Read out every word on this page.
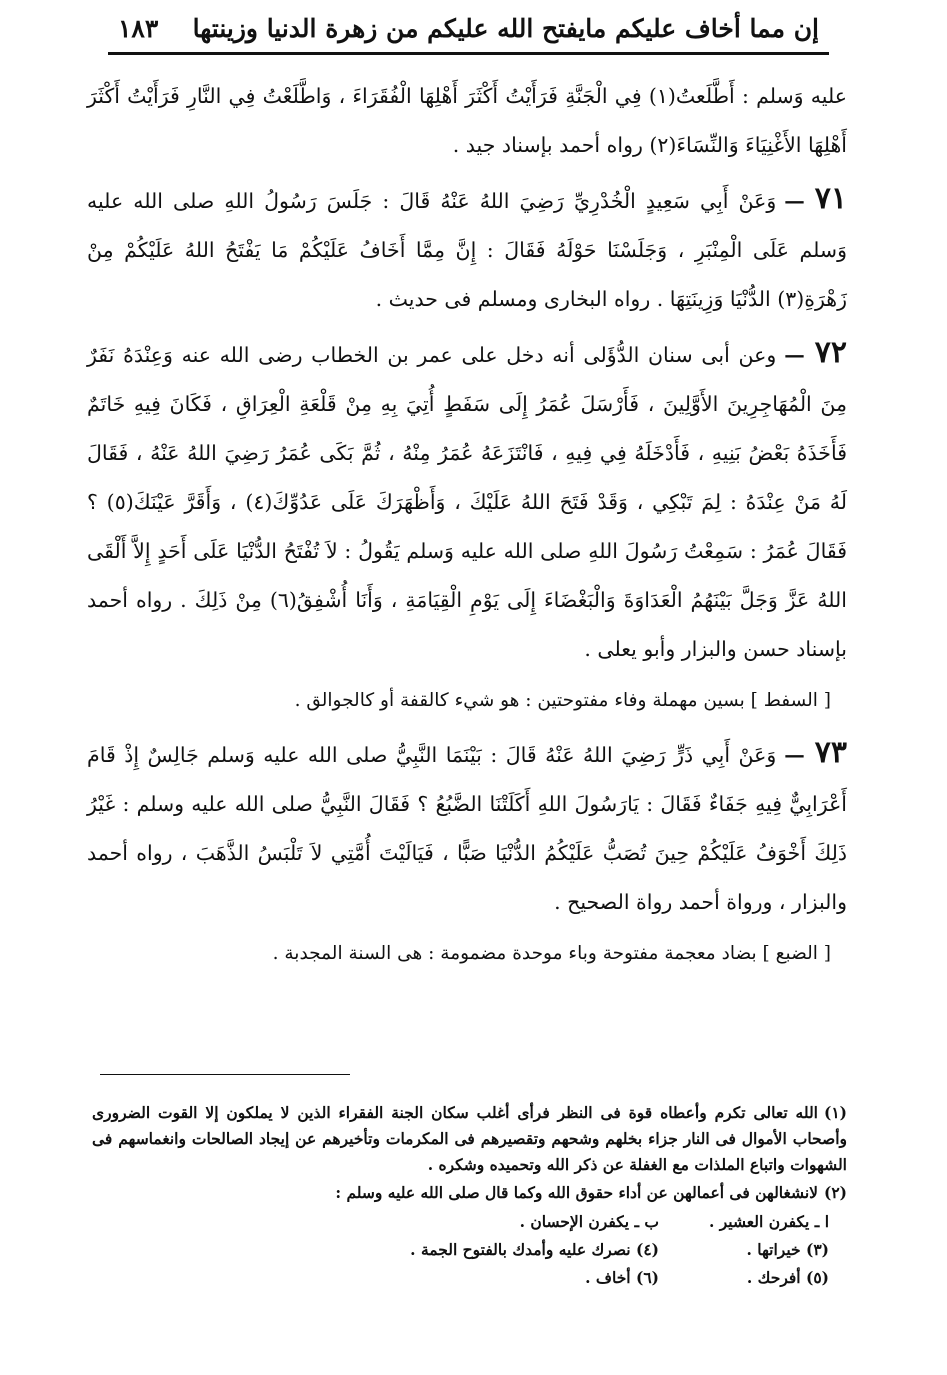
إن مما أخاف عليكم مايفتح الله عليكم من زهرة الدنيا وزينتها
١٨٣

عليه وَسلم : أَطَّلَعتُ(١) فِي الْجَنَّةِ فَرَأَيْتُ أَكْثَرَ أَهْلِهَا الْفُقَرَاءَ ، وَاطَّلَعْتُ فِي النَّارِ فَرَأَيْتُ أَكْثَرَ أَهْلِهَا الأَغْنِيَاءَ وَالنِّسَاءَ(٢) رواه أحمد بإسناد جيد .

٧١—وَعَنْ أَبِي سَعِيدٍ الْخُدْرِيِّ رَضِيَ اللهُ عَنْهُ قَالَ : جَلَسَ رَسُولُ اللهِ صلى الله عليه وَسلم عَلَى الْمِنْبَرِ ، وَجَلَسْنَا حَوْلَهُ فَقَالَ : إِنَّ مِمَّا أَخَافُ عَلَيْكُمْ مَا يَفْتَحُ اللهُ عَلَيْكُمْ مِنْ زَهْرَةِ(٣) الدُّنْيَا وَزِينَتِهَا . رواه البخارى ومسلم فى حديث .

٧٢—وعن أبى سنان الدُّؤَلى أنه دخل على عمر بن الخطاب رضى الله عنه وَعِنْدَهُ نَفَرٌ مِنَ الْمُهَاجِرِينَ الأَوَّلِينَ ، فَأَرْسَلَ عُمَرُ إِلَى سَفَطٍ أُتِيَ بِهِ مِنْ قَلْعَةِ الْعِرَاقِ ، فَكَانَ فِيهِ خَاتَمٌ فَأَخَذَهُ بَعْضُ بَنِيهِ ، فَأَدْخَلَهُ فِي فِيهِ ، فَانْتَزَعَهُ عُمَرُ مِنْهُ ، ثُمَّ بَكَى عُمَرُ رَضِيَ اللهُ عَنْهُ ، فَقَالَ لَهُ مَنْ عِنْدَهُ : لِمَ تَبْكِي ، وَقَدْ فَتَحَ اللهُ عَلَيْكَ ، وَأَظْهَرَكَ عَلَى عَدُوِّكَ(٤) ، وَأَقَرَّ عَيْنَكَ(٥) ؟ فَقَالَ عُمَرُ : سَمِعْتُ رَسُولَ اللهِ صلى الله عليه وَسلم يَقُولُ : لاَ تُفْتَحُ الدُّنْيَا عَلَى أَحَدٍ إِلاَّ أَلْقَى اللهُ عَزَّ وَجَلَّ بَيْنَهُمُ الْعَدَاوَةَ وَالْبَغْضَاءَ إِلَى يَوْمِ الْقِيَامَةِ ، وَأَنَا أُشْفِقُ(٦) مِنْ ذَلِكَ . رواه أحمد بإسناد حسن والبزار وأبو يعلى .

[ السفط ] بسين مهملة وفاء مفتوحتين : هو شيء كالقفة أو كالجوالق .

٧٣—وَعَنْ أَبِي ذَرٍّ رَضِيَ اللهُ عَنْهُ قَالَ : بَيْنَمَا النَّبِيُّ صلى الله عليه وَسلم جَالِسٌ إِذْ قَامَ أَعْرَابِيٌّ فِيهِ جَفَاءٌ فَقَالَ : يَارَسُولَ اللهِ أَكَلَتْنَا الضَّبُعُ ؟ فَقَالَ النَّبِيُّ صلى الله عليه وسلم : غَيْرُ ذَلِكَ أَخْوَفُ عَلَيْكُمْ حِينَ تُصَبُّ عَلَيْكُمُ الدُّنْيَا صَبًّا ، فَيَالَيْتَ أُمَّتِي لاَ تَلْبَسُ الذَّهَبَ ، رواه أحمد والبزار ، ورواة أحمد رواة الصحيح .

[ الضبع ] بضاد معجمة مفتوحة وباء موحدة مضمومة : هى السنة المجدبة .

(١)الله تعالى تكرم وأعطاه قوة فى النظر فرأى أغلب سكان الجنة الفقراء الذين لا يملكون إلا القوت الضرورى وأصحاب الأموال فى النار جزاء بخلهم وشحهم وتقصيرهم فى المكرمات وتأخيرهم عن إيجاد الصالحات وانغماسهم فى الشهوات واتباع الملذات مع الغفلة عن ذكر الله وتحميده وشكره .

(٢)لانشغالهن فى أعمالهن عن أداء حقوق الله وكما قال صلى الله عليه وسلم :

ا ـ يكفرن العشير .
ب ـ يكفرن الإحسان .
(٣) خيراتها .
(٤) نصرك عليه وأمدك بالفتوح الجمة .
(٥) أفرحك .
(٦) أخاف .
